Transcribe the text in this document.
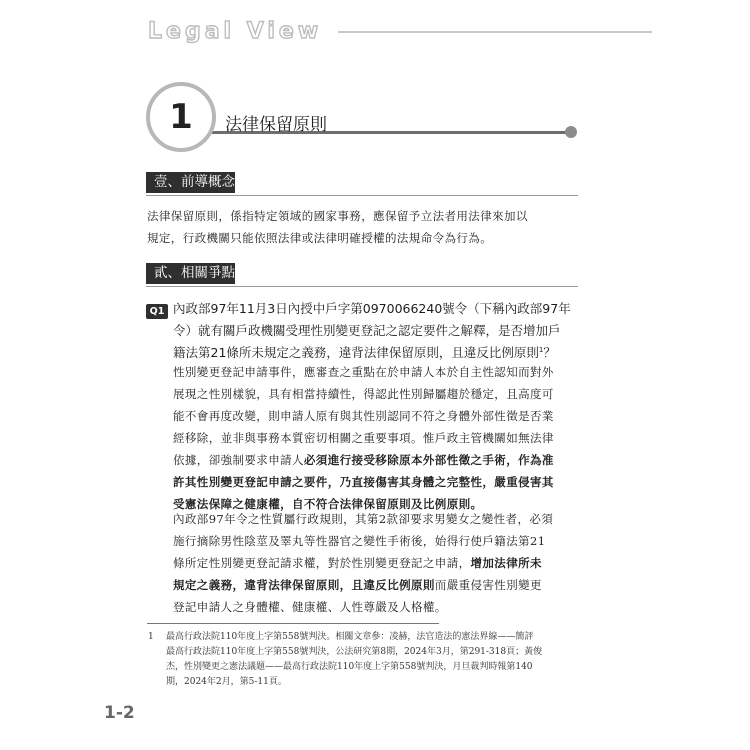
Legal View
1	法律保留原則
壹、前導概念
法律保留原則，係指特定領域的國家事務，應保留予立法者用法律來加以
規定，行政機關只能依照法律或法律明確授權的法規命令為行為。
貳、相關爭點
Q1 內政部97年11月3日內授中戶字第0970066240號令（下稱內政部97年
令）就有關戶政機關受理性別變更登記之認定要件之解釋，是否增加戶
籍法第21條所未規定之義務，違背法律保留原則，且違反比例原則$^1$？
性別變更登記申請事件，應審查之重點在於申請人本於自主性認知而對外
展現之性別樣貌，具有相當持續性，得認此性別歸屬趨於穩定，且高度可
能不會再度改變，則申請人原有與其性別認同不符之身體外部性徵是否業
經移除，並非與事務本質密切相關之重要事項。惟戶政主管機關如無法律
依據，卻強制要求申請人必須進行接受移除原本外部性徵之手術，作為准
許其性別變更登記申請之要件，乃直接傷害其身體之完整性，嚴重侵害其
受憲法保障之健康權，自不符合法律保留原則及比例原則。
內政部97年令之性質屬行政規則，其第2款卻要求男變女之變性者，必須
施行摘除男性陰莖及睪丸等性器官之變性手術後，始得行使戶籍法第21
條所定性別變更登記請求權，對於性別變更登記之申請，增加法律所未
規定之義務，違背法律保留原則，且違反比例原則而嚴重侵害性別變更
登記申請人之身體權、健康權、人性尊嚴及人格權。
1 最高行政法院110年度上字第558號判決。相關文章參：凌赫，法官造法的憲法界線——簡評
最高行政法院110年度上字第558號判決，公法研究第8期，2024年3月，第291-318頁；黃俊
杰，性別變更之憲法議題——最高行政法院110年度上字第558號判決，月旦裁判時報第140
期，2024年2月，第5-11頁。
1-2
